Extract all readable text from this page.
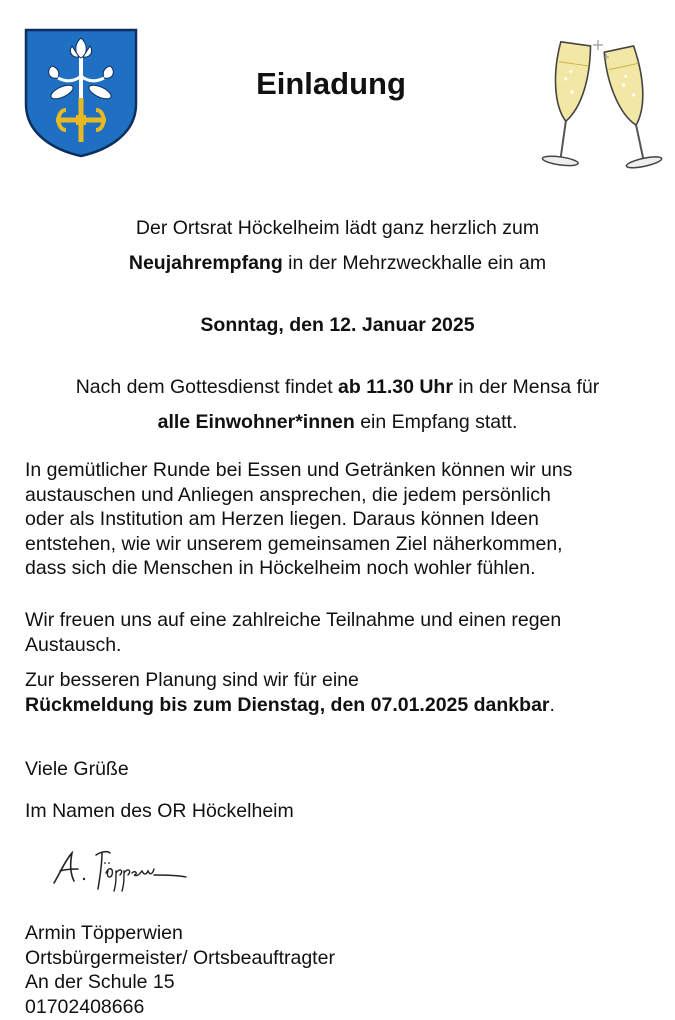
Einladung
Der Ortsrat Höckelheim lädt ganz herzlich zum
Neujahrempfang in der Mehrzweckhalle ein am
Sonntag, den 12. Januar 2025
Nach dem Gottesdienst findet ab 11.30 Uhr in der Mensa für
alle Einwohner*innen ein Empfang statt.
In gemütlicher Runde bei Essen und Getränken können wir uns
austauschen und Anliegen ansprechen, die jedem persönlich
oder als Institution am Herzen liegen. Daraus können Ideen
entstehen, wie wir unserem gemeinsamen Ziel näherkommen,
dass sich die Menschen in Höckelheim noch wohler fühlen.
Wir freuen uns auf eine zahlreiche Teilnahme und einen regen
Austausch.
Zur besseren Planung sind wir für eine
Rückmeldung bis zum Dienstag, den 07.01.2025 dankbar.
Viele Grüße
Im Namen des OR Höckelheim
Armin Töpperwien
Ortsbürgermeister/ Ortsbeauftragter
An der Schule 15
01702408666
